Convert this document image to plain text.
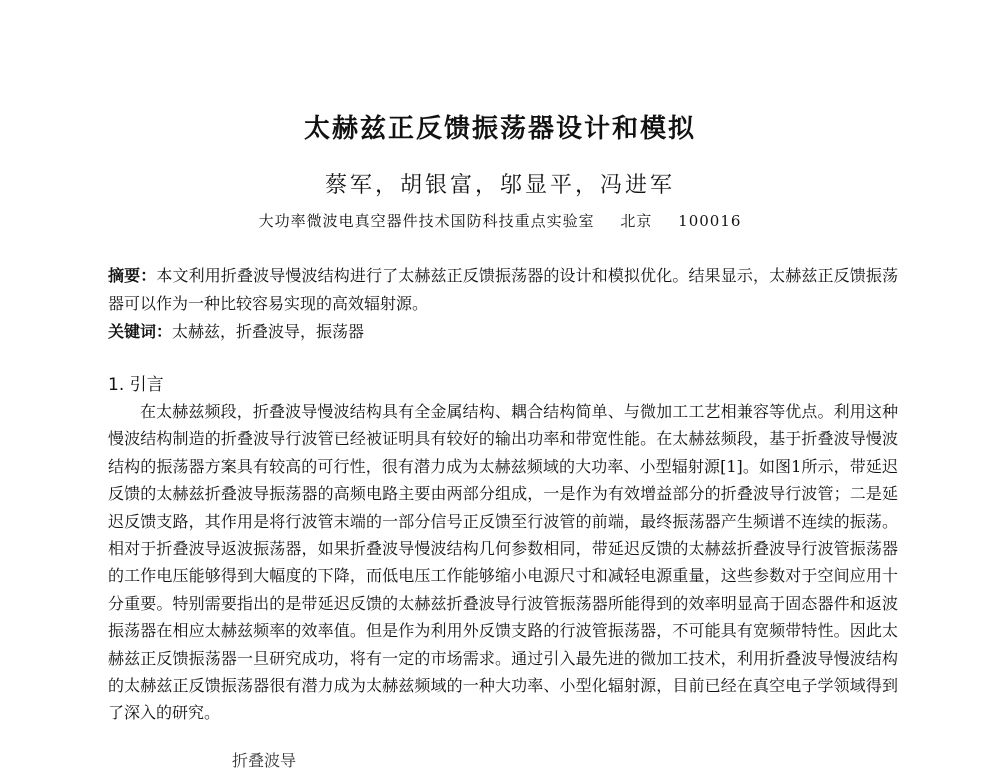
太赫兹正反馈振荡器设计和模拟
蔡军，胡银富，邬显平，冯进军
大功率微波电真空器件技术国防科技重点实验室 北京 100016
摘要：本文利用折叠波导慢波结构进行了太赫兹正反馈振荡器的设计和模拟优化。结果显示，太赫兹正反馈振荡器可以作为一种比较容易实现的高效辐射源。
关键词：太赫兹，折叠波导，振荡器
1. 引言
在太赫兹频段，折叠波导慢波结构具有全金属结构、耦合结构简单、与微加工工艺相兼容等优点。利用这种慢波结构制造的折叠波导行波管已经被证明具有较好的输出功率和带宽性能。在太赫兹频段，基于折叠波导慢波结构的振荡器方案具有较高的可行性，很有潜力成为太赫兹频域的大功率、小型辐射源[1]。如图1所示，带延迟反馈的太赫兹折叠波导振荡器的高频电路主要由两部分组成，一是作为有效增益部分的折叠波导行波管；二是延迟反馈支路，其作用是将行波管末端的一部分信号正反馈至行波管的前端，最终振荡器产生频谱不连续的振荡。相对于折叠波导返波振荡器，如果折叠波导慢波结构几何参数相同，带延迟反馈的太赫兹折叠波导行波管振荡器的工作电压能够得到大幅度的下降，而低电压工作能够缩小电源尺寸和减轻电源重量，这些参数对于空间应用十分重要。特别需要指出的是带延迟反馈的太赫兹折叠波导行波管振荡器所能得到的效率明显高于固态器件和返波振荡器在相应太赫兹频率的效率值。但是作为利用外反馈支路的行波管振荡器，不可能具有宽频带特性。因此太赫兹正反馈振荡器一旦研究成功，将有一定的市场需求。通过引入最先进的微加工技术，利用折叠波导慢波结构的太赫兹正反馈振荡器很有潜力成为太赫兹频域的一种大功率、小型化辐射源，目前已经在真空电子学领域得到了深入的研究。
折叠波导
